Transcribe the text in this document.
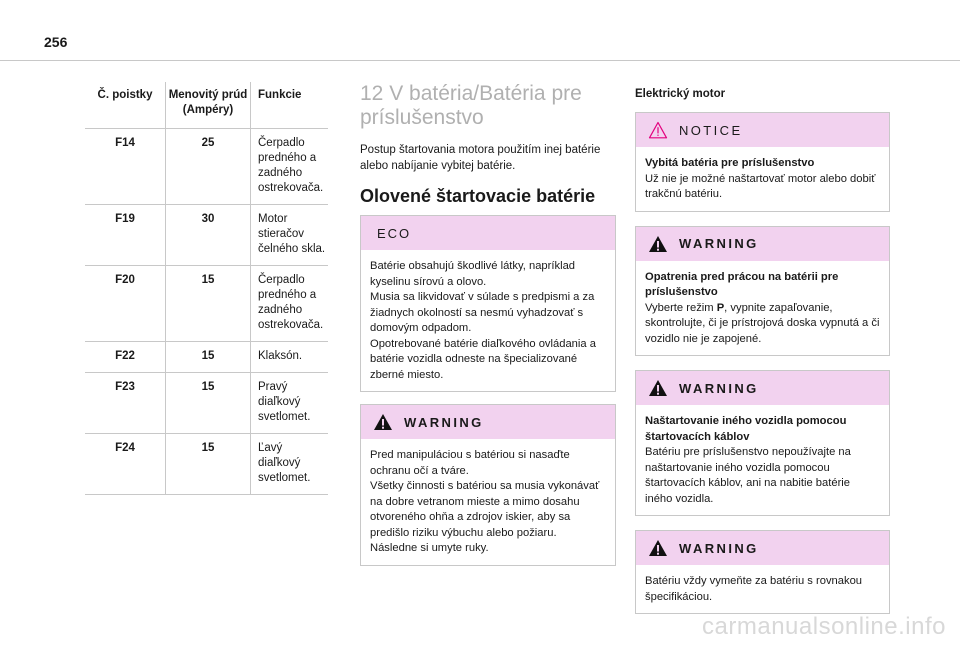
256
Č. poistky	Menovitý prúd (Ampéry)	Funkcie
F14	25	Čerpadlo predného a zadného ostrekovača.
F19	30	Motor stieračov čelného skla.
F20	15	Čerpadlo predného a zadného ostrekovača.
F22	15	Klaksón.
F23	15	Pravý diaľkový svetlomet.
F24	15	Ľavý diaľkový svetlomet.
12 V batéria/Batéria pre príslušenstvo

Postup štartovania motora použitím inej batérie alebo nabíjanie vybitej batérie.

Olovené štartovacie batérie
ECO
Batérie obsahujú škodlivé látky, napríklad kyselinu sírovú a olovo.
Musia sa likvidovať v súlade s predpismi a za žiadnych okolností sa nesmú vyhadzovať s domovým odpadom.
Opotrebované batérie diaľkového ovládania a batérie vozidla odneste na špecializované zberné miesto.
WARNING
Pred manipuláciou s batériou si nasaďte ochranu očí a tváre.
Všetky činnosti s batériou sa musia vykonávať na dobre vetranom mieste a mimo dosahu otvoreného ohňa a zdrojov iskier, aby sa predišlo riziku výbuchu alebo požiaru.
Následne si umyte ruky.
Elektrický motor
NOTICE
Vybitá batéria pre príslušenstvo
Už nie je možné naštartovať motor alebo dobiť trakčnú batériu.
WARNING
Opatrenia pred prácou na batérii pre príslušenstvo
Vyberte režim P, vypnite zapaľovanie, skontrolujte, či je prístrojová doska vypnutá a či vozidlo nie je zapojené.
WARNING
Naštartovanie iného vozidla pomocou štartovacích káblov
Batériu pre príslušenstvo nepoužívajte na naštartovanie iného vozidla pomocou štartovacích káblov, ani na nabitie batérie iného vozidla.
WARNING
Batériu vždy vymeňte za batériu s rovnakou špecifikáciou.
carmanualsonline.info
